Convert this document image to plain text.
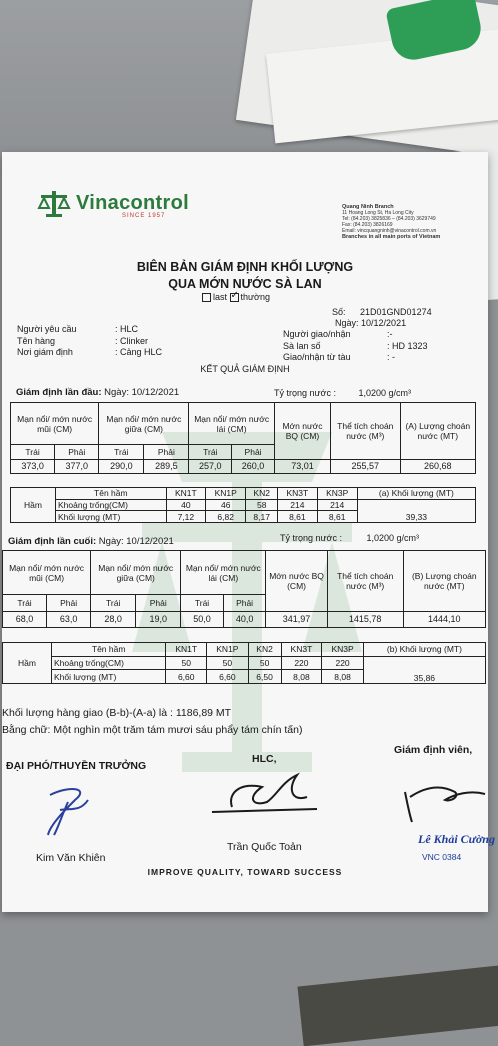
Vinacontrol
SINCE 1957
Quang Ninh Branch
11 Hoang Long St, Ha Long City
Tel: (84.203) 3825836 – (84.203) 3629749
Fax: (84.203) 3826169
Email: vincquangninh@vinacontrol.com.vn
Branches in all main ports of Vietnam
BIÊN BẢN GIÁM ĐỊNH KHỐI LƯỢNG
QUA MỚN NƯỚC SÀ LAN
last ✓ thường
Số: 21D01GND01274
Ngày: 10/12/2021
Người yêu cầu	: HLC
Tên hàng	: Clinker
Nơi giám định	: Cảng HLC
Người giao/nhận	:-
Sà lan số	: HD 1323
Giao/nhận từ tàu	: -
KẾT QUẢ GIÁM ĐỊNH
Giám định lần đầu: Ngày: 10/12/2021	Tỷ trọng nước :	1,0200 g/cm³
Mạn nổi/ mớn nước mũi (CM)		Mạn nổi/ mớn nước giữa (CM)		Mạn nổi/ mớn nước lái (CM)		Mớn nước BQ (CM)	Thể tích choán nước (M³)	(A) Lượng choán nước (MT)
Trái	Phải	Trái	Phải	Trái	Phải			
373,0	377,0	290,0	289,5	257,0	260,0	73,01	255,57	260,68
Hầm	Tên hầm	KN1T	KN1P	KN2	KN3T	KN3P	(a) Khối lượng (MT)
	Khoảng trống(CM)	40	46	58	214	214	39,33
	Khối lượng (MT)	7,12	6,82	8,17	8,61	8,61	
Giám định lần cuối: Ngày: 10/12/2021	Tỷ trọng nước :	1,0200 g/cm³
Mạn nổi/ mớn nước mũi (CM)		Mạn nổi/ mớn nước giữa (CM)		Mạn nổi/ mớn nước lái (CM)		Mớn nước BQ (CM)	Thể tích choán nước (M³)	(B) Lượng choán nước (MT)
Trái	Phải	Trái	Phải	Trái	Phải			
68,0	63,0	28,0	19,0	50,0	40,0	341,97	1415,78	1444,10
Hầm	Tên hầm	KN1T	KN1P	KN2	KN3T	KN3P	(b) Khối lượng (MT)
	Khoảng trống(CM)	50	50	50	220	220	35,86
	Khối lượng (MT)	6,60	6,60	6,50	8,08	8,08	
Khối lượng hàng giao (B-b)-(A-a) là : 1186,89 MT
Bằng chữ: Một nghìn một trăm tám mươi sáu phẩy tám chín tấn)
ĐẠI PHÓ/THUYỀN TRƯỞNG
HLC,
Giám định viên,
Kim Văn Khiên
Trần Quốc Toản
Lê Khải Cường
VNC 0384
IMPROVE QUALITY, TOWARD SUCCESS
